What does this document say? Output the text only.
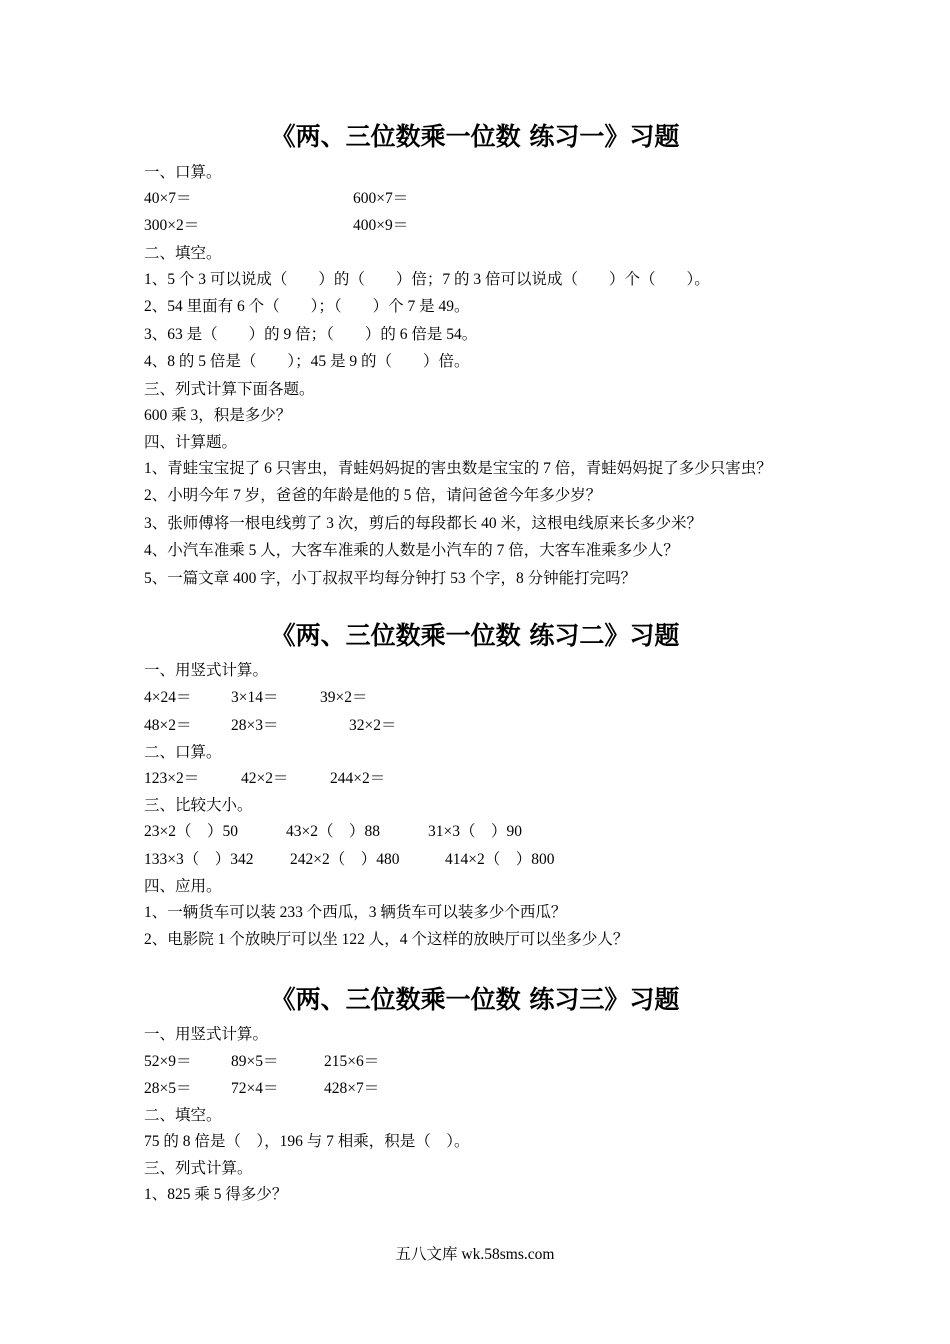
《两、三位数乘一位数 练习一》习题
一、口算。
40×7＝	600×7＝
300×2＝	400×9＝
二、填空。
1、5 个 3 可以说成（　　）的（　　）倍；7 的 3 倍可以说成（　　）个（　　）。
2、54 里面有 6 个（　　）；（　　）个 7 是 49。
3、63 是（　　）的 9 倍；（　　）的 6 倍是 54。
4、8 的 5 倍是（　　）；45 是 9 的（　　）倍。
三、列式计算下面各题。
600 乘 3，积是多少？
四、计算题。
1、青蛙宝宝捉了 6 只害虫，青蛙妈妈捉的害虫数是宝宝的 7 倍，青蛙妈妈捉了多少只害虫？
2、小明今年 7 岁，爸爸的年龄是他的 5 倍，请问爸爸今年多少岁？
3、张师傅将一根电线剪了 3 次，剪后的每段都长 40 米，这根电线原来长多少米？
4、小汽车准乘 5 人，大客车准乘的人数是小汽车的 7 倍，大客车准乘多少人？
5、一篇文章 400 字，小丁叔叔平均每分钟打 53 个字，8 分钟能打完吗？
《两、三位数乘一位数 练习二》习题
一、用竖式计算。
4×24＝	3×14＝	39×2＝
48×2＝	28×3＝	32×2＝
二、口算。
123×2＝	42×2＝	244×2＝
三、比较大小。
23×2（　）50	43×2（　）88	31×3（　）90
133×3（　）342 242×2（　）480	414×2（　）800
四、应用。
1、一辆货车可以装 233 个西瓜，3 辆货车可以装多少个西瓜？
2、电影院 1 个放映厅可以坐 122 人，4 个这样的放映厅可以坐多少人？
《两、三位数乘一位数 练习三》习题
一、用竖式计算。
52×9＝	89×5＝	215×6＝
28×5＝	72×4＝	428×7＝
二、填空。
75 的 8 倍是（　），196 与 7 相乘，积是（　）。
三、列式计算。
1、825 乘 5 得多少？
五八文库 wk.58sms.com
